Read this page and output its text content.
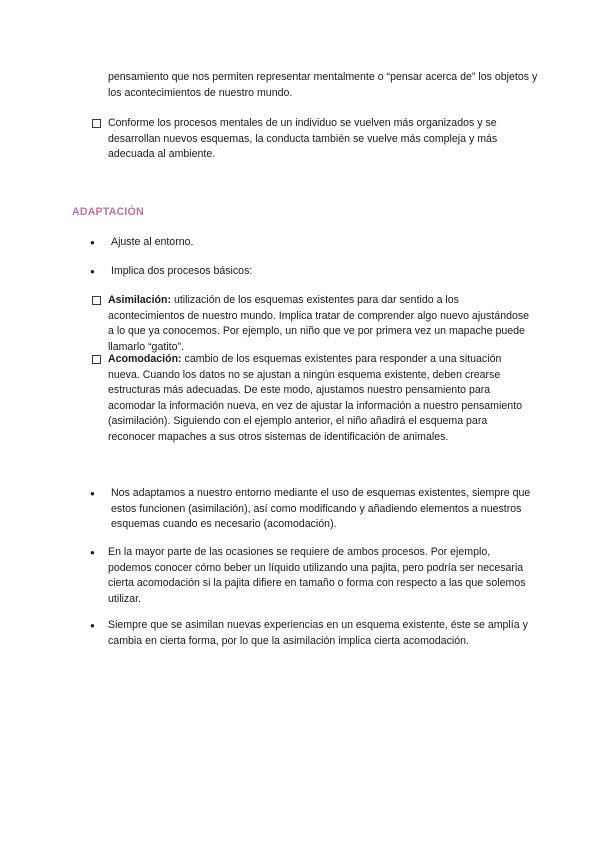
pensamiento que nos permiten representar mentalmente o “pensar acerca de” los objetos y los acontecimientos de nuestro mundo.
Conforme los procesos mentales de un individuo se vuelven más organizados y se desarrollan nuevos esquemas, la conducta también se vuelve más compleja y más adecuada al ambiente.
ADAPTACIÓN
● Ajuste al entorno.
● Implica dos procesos básicos:
Asimilación: utilización de los esquemas existentes para dar sentido a los acontecimientos de nuestro mundo. Implica tratar de comprender algo nuevo ajustándose a lo que ya conocemos. Por ejemplo, un niño que ve por primera vez un mapache puede llamarlo “gatito”.
Acomodación: cambio de los esquemas existentes para responder a una situación nueva. Cuando los datos no se ajustan a ningún esquema existente, deben crearse estructuras más adecuadas. De este modo, ajustamos nuestro pensamiento para acomodar la información nueva, en vez de ajustar la información a nuestro pensamiento (asimilación). Siguiendo con el ejemplo anterior, el niño añadirá el esquema para reconocer mapaches a sus otros sistemas de identificación de animales.
● Nos adaptamos a nuestro entorno mediante el uso de esquemas existentes, siempre que estos funcionen (asimilación), así como modificando y añadiendo elementos a nuestros esquemas cuando es necesario (acomodación).
● En la mayor parte de las ocasiones se requiere de ambos procesos. Por ejemplo, podemos conocer cómo beber un líquido utilizando una pajita, pero podría ser necesaria cierta acomodación si la pajita difiere en tamaño o forma con respecto a las que solemos utilizar.
● Siempre que se asimilan nuevas experiencias en un esquema existente, éste se amplía y cambia en cierta forma, por lo que la asimilación implica cierta acomodación.
